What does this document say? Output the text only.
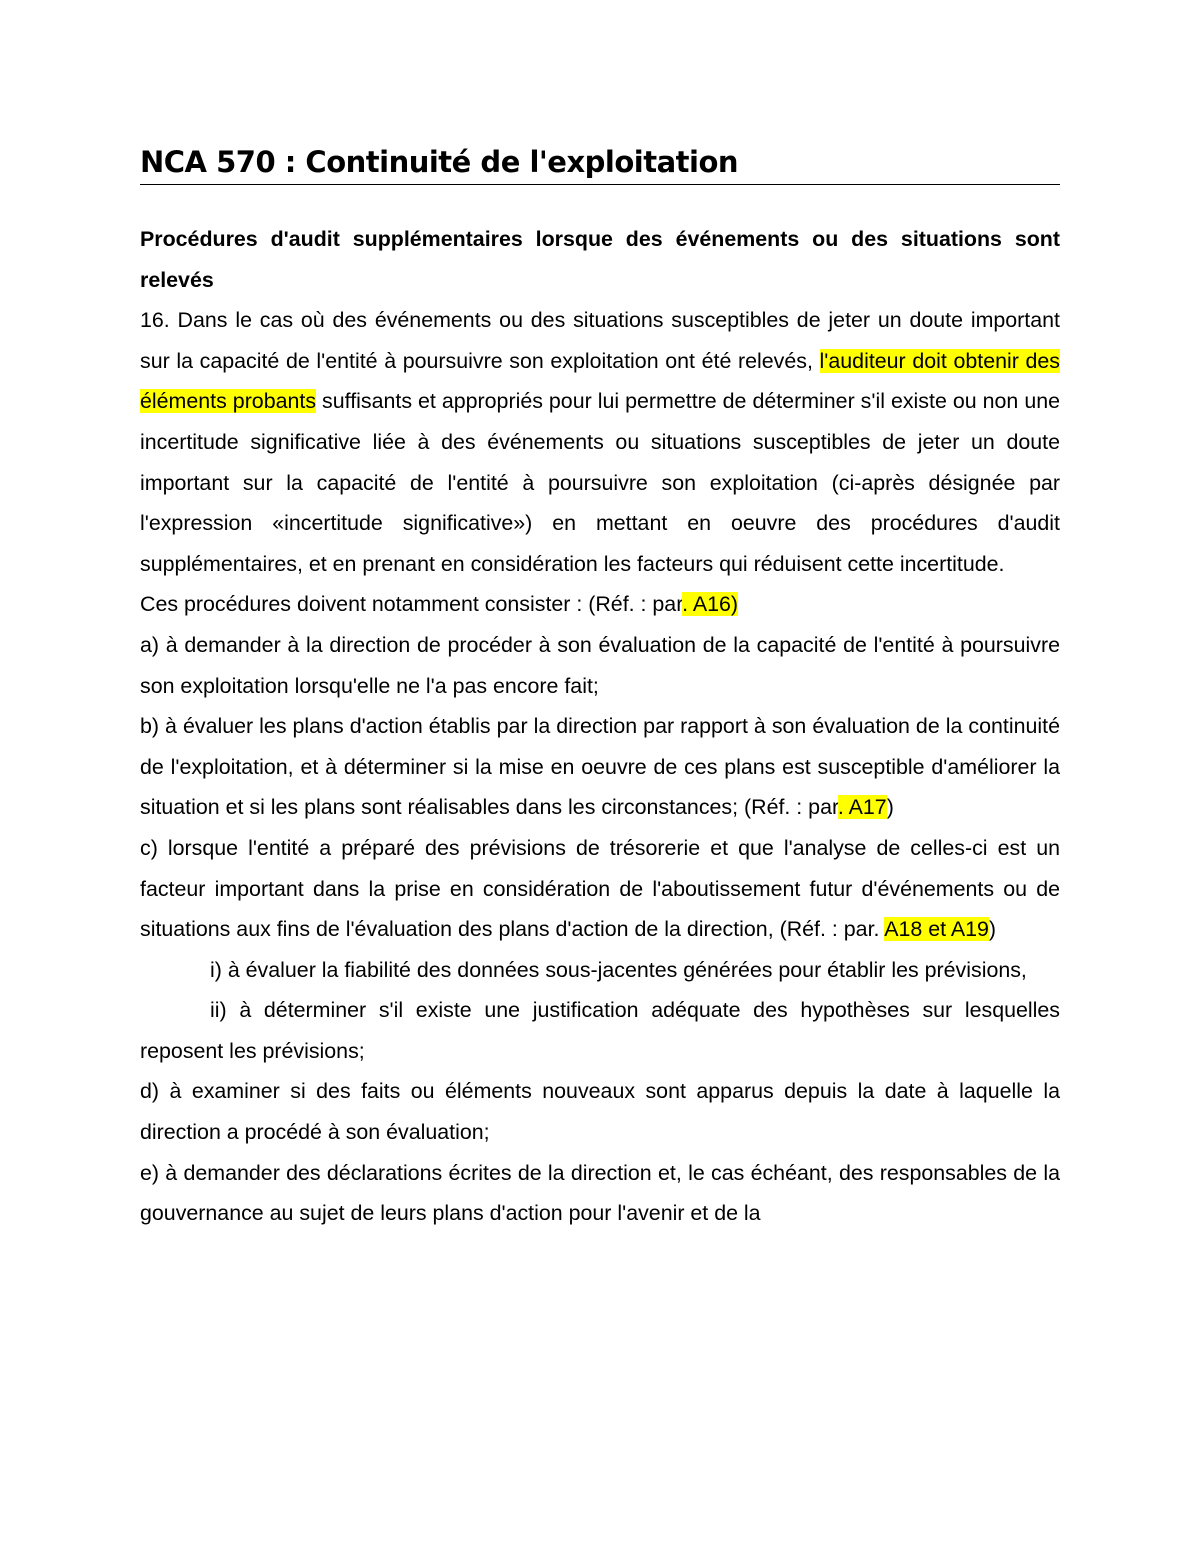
NCA 570 : Continuité de l'exploitation

Procédures d'audit supplémentaires lorsque des événements ou des situations sont relevés

16. Dans le cas où des événements ou des situations susceptibles de jeter un doute important sur la capacité de l'entité à poursuivre son exploitation ont été relevés, l'auditeur doit obtenir des éléments probants suffisants et appropriés pour lui permettre de déterminer s'il existe ou non une incertitude significative liée à des événements ou situations susceptibles de jeter un doute important sur la capacité de l'entité à poursuivre son exploitation (ci-après désignée par l'expression «incertitude significative») en mettant en oeuvre des procédures d'audit supplémentaires, et en prenant en considération les facteurs qui réduisent cette incertitude.

Ces procédures doivent notamment consister : (Réf. : par. A16)

a) à demander à la direction de procéder à son évaluation de la capacité de l'entité à poursuivre son exploitation lorsqu'elle ne l'a pas encore fait;

b) à évaluer les plans d'action établis par la direction par rapport à son évaluation de la continuité de l'exploitation, et à déterminer si la mise en oeuvre de ces plans est susceptible d'améliorer la situation et si les plans sont réalisables dans les circonstances; (Réf. : par. A17)

c) lorsque l'entité a préparé des prévisions de trésorerie et que l'analyse de celles-ci est un facteur important dans la prise en considération de l'aboutissement futur d'événements ou de situations aux fins de l'évaluation des plans d'action de la direction, (Réf. : par. A18 et A19)

i) à évaluer la fiabilité des données sous-jacentes générées pour établir les prévisions,

ii) à déterminer s'il existe une justification adéquate des hypothèses sur lesquelles reposent les prévisions;

d) à examiner si des faits ou éléments nouveaux sont apparus depuis la date à laquelle la direction a procédé à son évaluation;

e) à demander des déclarations écrites de la direction et, le cas échéant, des responsables de la gouvernance au sujet de leurs plans d'action pour l'avenir et de la
